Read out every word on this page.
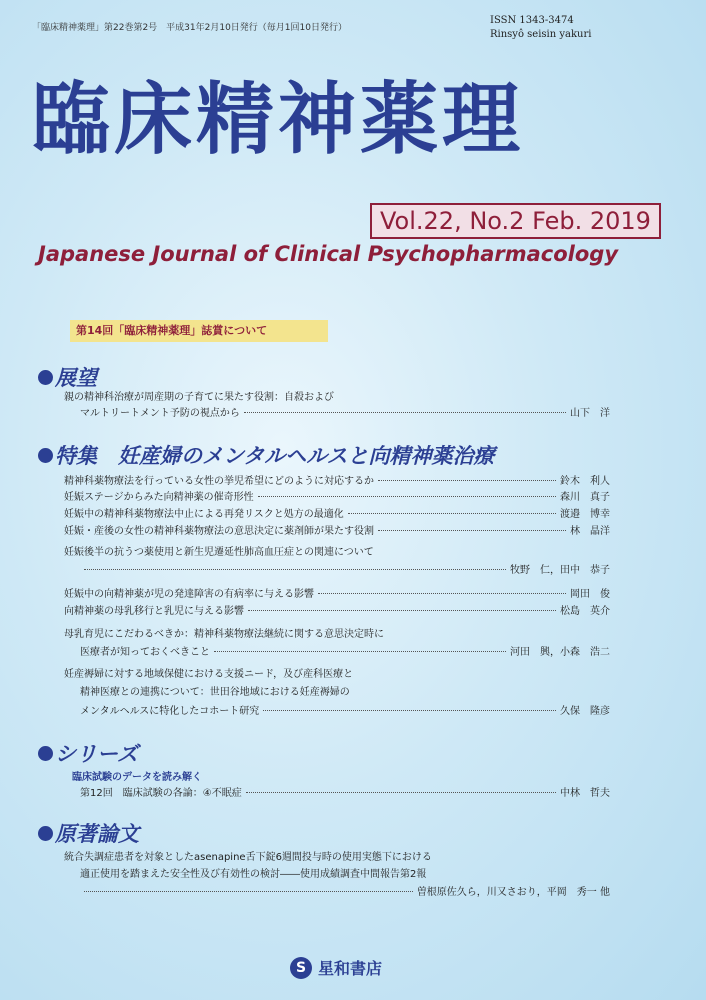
「臨床精神薬理」第22巻第2号　平成31年2月10日発行（毎月1回10日発行）
ISSN 1343-3474
Rinsyô seisin yakuri
臨床精神薬理
Vol.22, No.2 Feb. 2019
Japanese Journal of Clinical Psychopharmacology
第14回「臨床精神薬理」誌賞について
展望
親の精神科治療が周産期の子育てに果たす役割：自殺および
マルトリートメント予防の視点から	山下　洋
特集　妊産婦のメンタルヘルスと向精神薬治療
精神科薬物療法を行っている女性の挙児希望にどのように対応するか	鈴木　利人
妊娠ステージからみた向精神薬の催奇形性	森川　真子
妊娠中の精神科薬物療法中止による再発リスクと処方の最適化	渡邉　博幸
妊娠・産後の女性の精神科薬物療法の意思決定に薬剤師が果たす役割	林　晶洋
妊娠後半の抗うつ薬使用と新生児遷延性肺高血圧症との関連について
牧野　仁，田中　恭子
妊娠中の向精神薬が児の発達障害の有病率に与える影響	岡田　俊
向精神薬の母乳移行と乳児に与える影響	松島　英介
母乳育児にこだわるべきか：精神科薬物療法継続に関する意思決定時に
医療者が知っておくべきこと	河田　興，小森　浩二
妊産褥婦に対する地域保健における支援ニード，及び産科医療と
精神医療との連携について：世田谷地域における妊産褥婦の
メンタルヘルスに特化したコホート研究	久保　隆彦
シリーズ
臨床試験のデータを読み解く
第12回　臨床試験の各論：④不眠症	中林　哲夫
原著論文
統合失調症患者を対象としたasenapine舌下錠6週間投与時の使用実態下における
適正使用を踏まえた安全性及び有効性の検討――使用成績調査中間報告第2報
曽根原佐久ら，川又さおり，平岡　秀一 他
S 星和書店
